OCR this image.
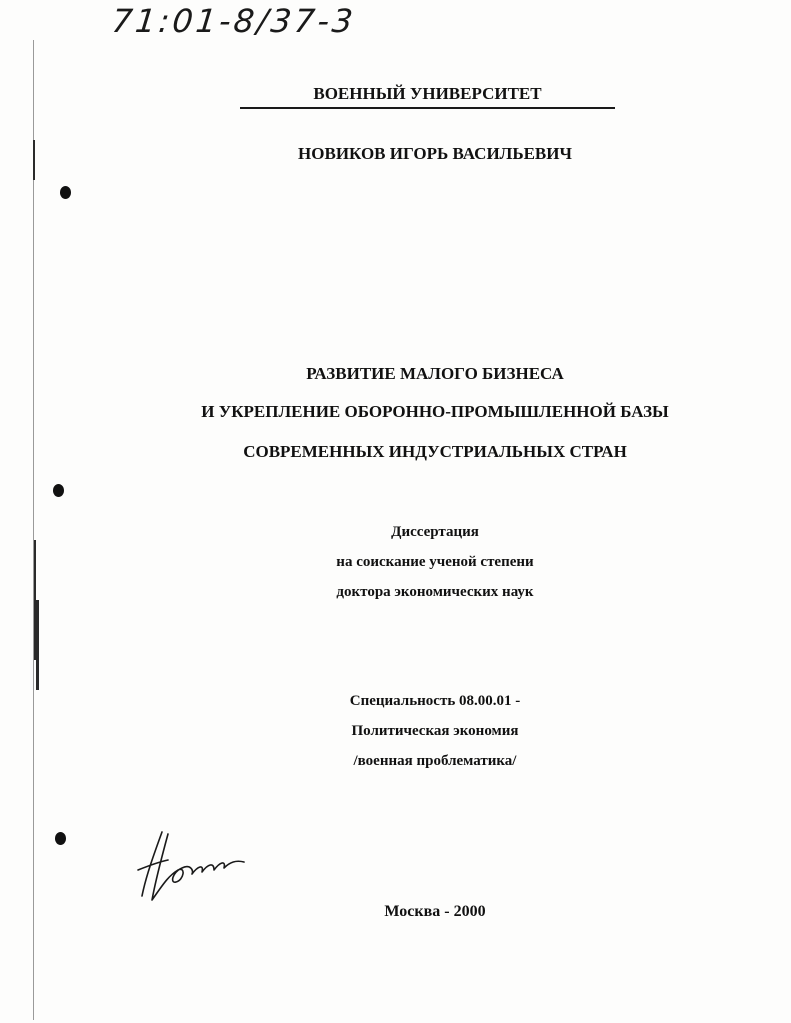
71:01-8/37-3
ВОЕННЫЙ УНИВЕРСИТЕТ
НОВИКОВ ИГОРЬ ВАСИЛЬЕВИЧ
РАЗВИТИЕ МАЛОГО БИЗНЕСА
И УКРЕПЛЕНИЕ ОБОРОННО-ПРОМЫШЛЕННОЙ БАЗЫ
СОВРЕМЕННЫХ ИНДУСТРИАЛЬНЫХ СТРАН
Диссертация
на соискание ученой степени
доктора экономических наук
Специальность 08.00.01 -
Политическая экономия
/военная проблематика/
Москва - 2000
